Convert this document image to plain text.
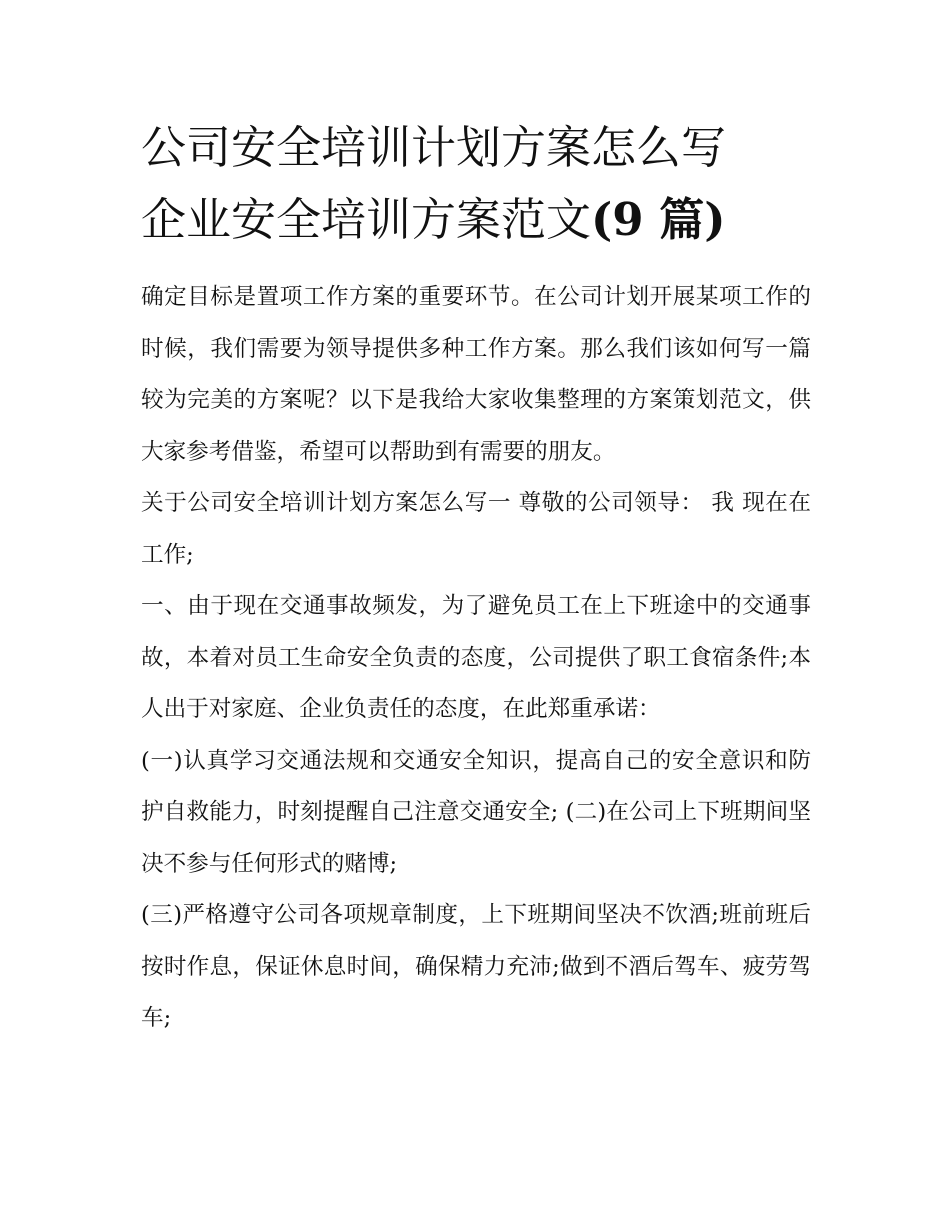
公司安全培训计划方案怎么写
企业安全培训方案范文(9 篇)

确定目标是置项工作方案的重要环节。在公司计划开展某项工作的时候，我们需要为领导提供多种工作方案。那么我们该如何写一篇较为完美的方案呢？以下是我给大家收集整理的方案策划范文，供大家参考借鉴，希望可以帮助到有需要的朋友。

关于公司安全培训计划方案怎么写一 尊敬的公司领导： 我 现在在 工作;

一、由于现在交通事故频发，为了避免员工在上下班途中的交通事故，本着对员工生命安全负责的态度，公司提供了职工食宿条件;本人出于对家庭、企业负责任的态度，在此郑重承诺：

(一)认真学习交通法规和交通安全知识，提高自己的安全意识和防护自救能力，时刻提醒自己注意交通安全; (二)在公司上下班期间坚决不参与任何形式的赌博;

(三)严格遵守公司各项规章制度，上下班期间坚决不饮酒;班前班后按时作息，保证休息时间，确保精力充沛;做到不酒后驾车、疲劳驾车;
